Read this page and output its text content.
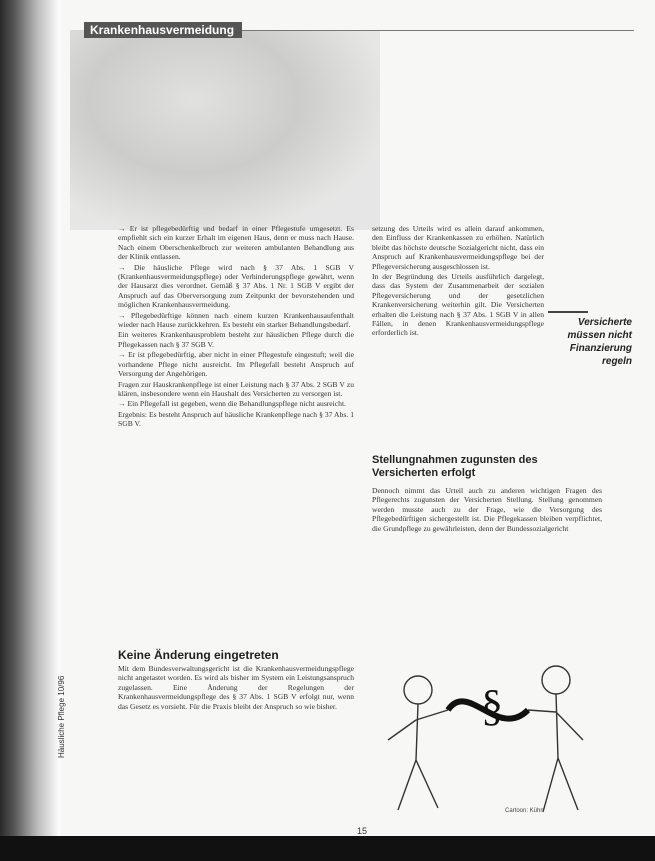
Krankenhausvermeidung

→ Er ist pflegebedürftig und bedarf in einer Pflegestufe umgesetzt. Es empfiehlt sich ein kurzer Erhalt im eigenen Haus, denn er muss nach Hause. Nach einem Oberschenkelbruch zur weiteren ambulanten Behandlung aus der Klinik entlassen.

→ Die häusliche Pflege wird nach § 37 Abs. 1 SGB V (Krankenhausvermeidungspflege) oder Verhinderungspflege gewährt, wenn der Hausarzt dies verordnet. Gemäß § 37 Abs. 1 Nr. 1 SGB V ergibt der Anspruch auf das Oberversorgung zum Zeitpunkt der bevorstehenden und möglichen Krankenhausvermeidung.

→ Pflegebedürftige können nach einem kurzen Krankenhausaufenthalt wieder nach Hause zurückkehren. Es besteht ein starker Behandlungsbedarf.

Ein weiteres Krankenhausproblem besteht zur häuslichen Pflege durch die Pflegekassen nach § 37 SGB V.

→ Er ist pflegebedürftig, aber nicht in einer Pflegestufe eingestuft; weil die vorhandene Pflege nicht ausreicht. Im Pflegefall besteht Anspruch auf Versorgung der Angehörigen.

Fragen zur Hauskrankenpflege ist einer Leistung nach § 37 Abs. 2 SGB V zu klären, insbesondere wenn ein Haushalt des Versicherten zu versorgen ist.

→ Ein Pflegefall ist gegeben, wenn die Behandlungspflege nicht ausreicht.

Ergebnis: Es besteht Anspruch auf häusliche Krankenpflege nach § 37 Abs. 1 SGB V.

Keine Änderung eingetreten

Mit dem Bundesverwaltungsgericht ist die Krankenhausvermeidungspflege nicht angetastet worden. Es wird als bisher im System ein Leistungsanspruch zugelassen. Eine Änderung der Regelungen der Krankenhausvermeidungspflege des § 37 Abs. 1 SGB V erfolgt nur, wenn das Gesetz es vorsieht. Für die Praxis bleibt der Anspruch so wie bisher.

setzung des Urteils wird es allein darauf ankommen, den Einfluss der Krankenkassen zu erhöhen. Natürlich bleibt das höchste deutsche Sozialgericht nicht, dass ein Anspruch auf Krankenhausvermeidungspflege bei der Pflegeversicherung ausgeschlossen ist.

In der Begründung des Urteils ausführlich dargelegt, dass das System der Zusammenarbeit der sozialen Pflegeversicherung und der gesetzlichen Krankenversicherung weiterhin gilt. Die Versicherten erhalten die Leistung nach § 37 Abs. 1 SGB V in allen Fällen, in denen Krankenhausvermeidungspflege erforderlich ist.

Versicherte müssen nicht Finanzierung regeln
Stellungnahmen zugunsten des Versicherten erfolgt

Dennoch nimmt das Urteil auch zu anderen wichtigen Fragen des Pflegerechts zugunsten der Versicherten Stellung. Stellung genommen werden musste auch zu der Frage, wie die Versorgung des Pflegebedürftigen sichergestellt ist. Die Pflegekassen bleiben verpflichtet, die Grundpflege zu gewährleisten, denn der Bundessozialgericht

§
Cartoon: Kühn
Häusliche Pflege 10/96
15
